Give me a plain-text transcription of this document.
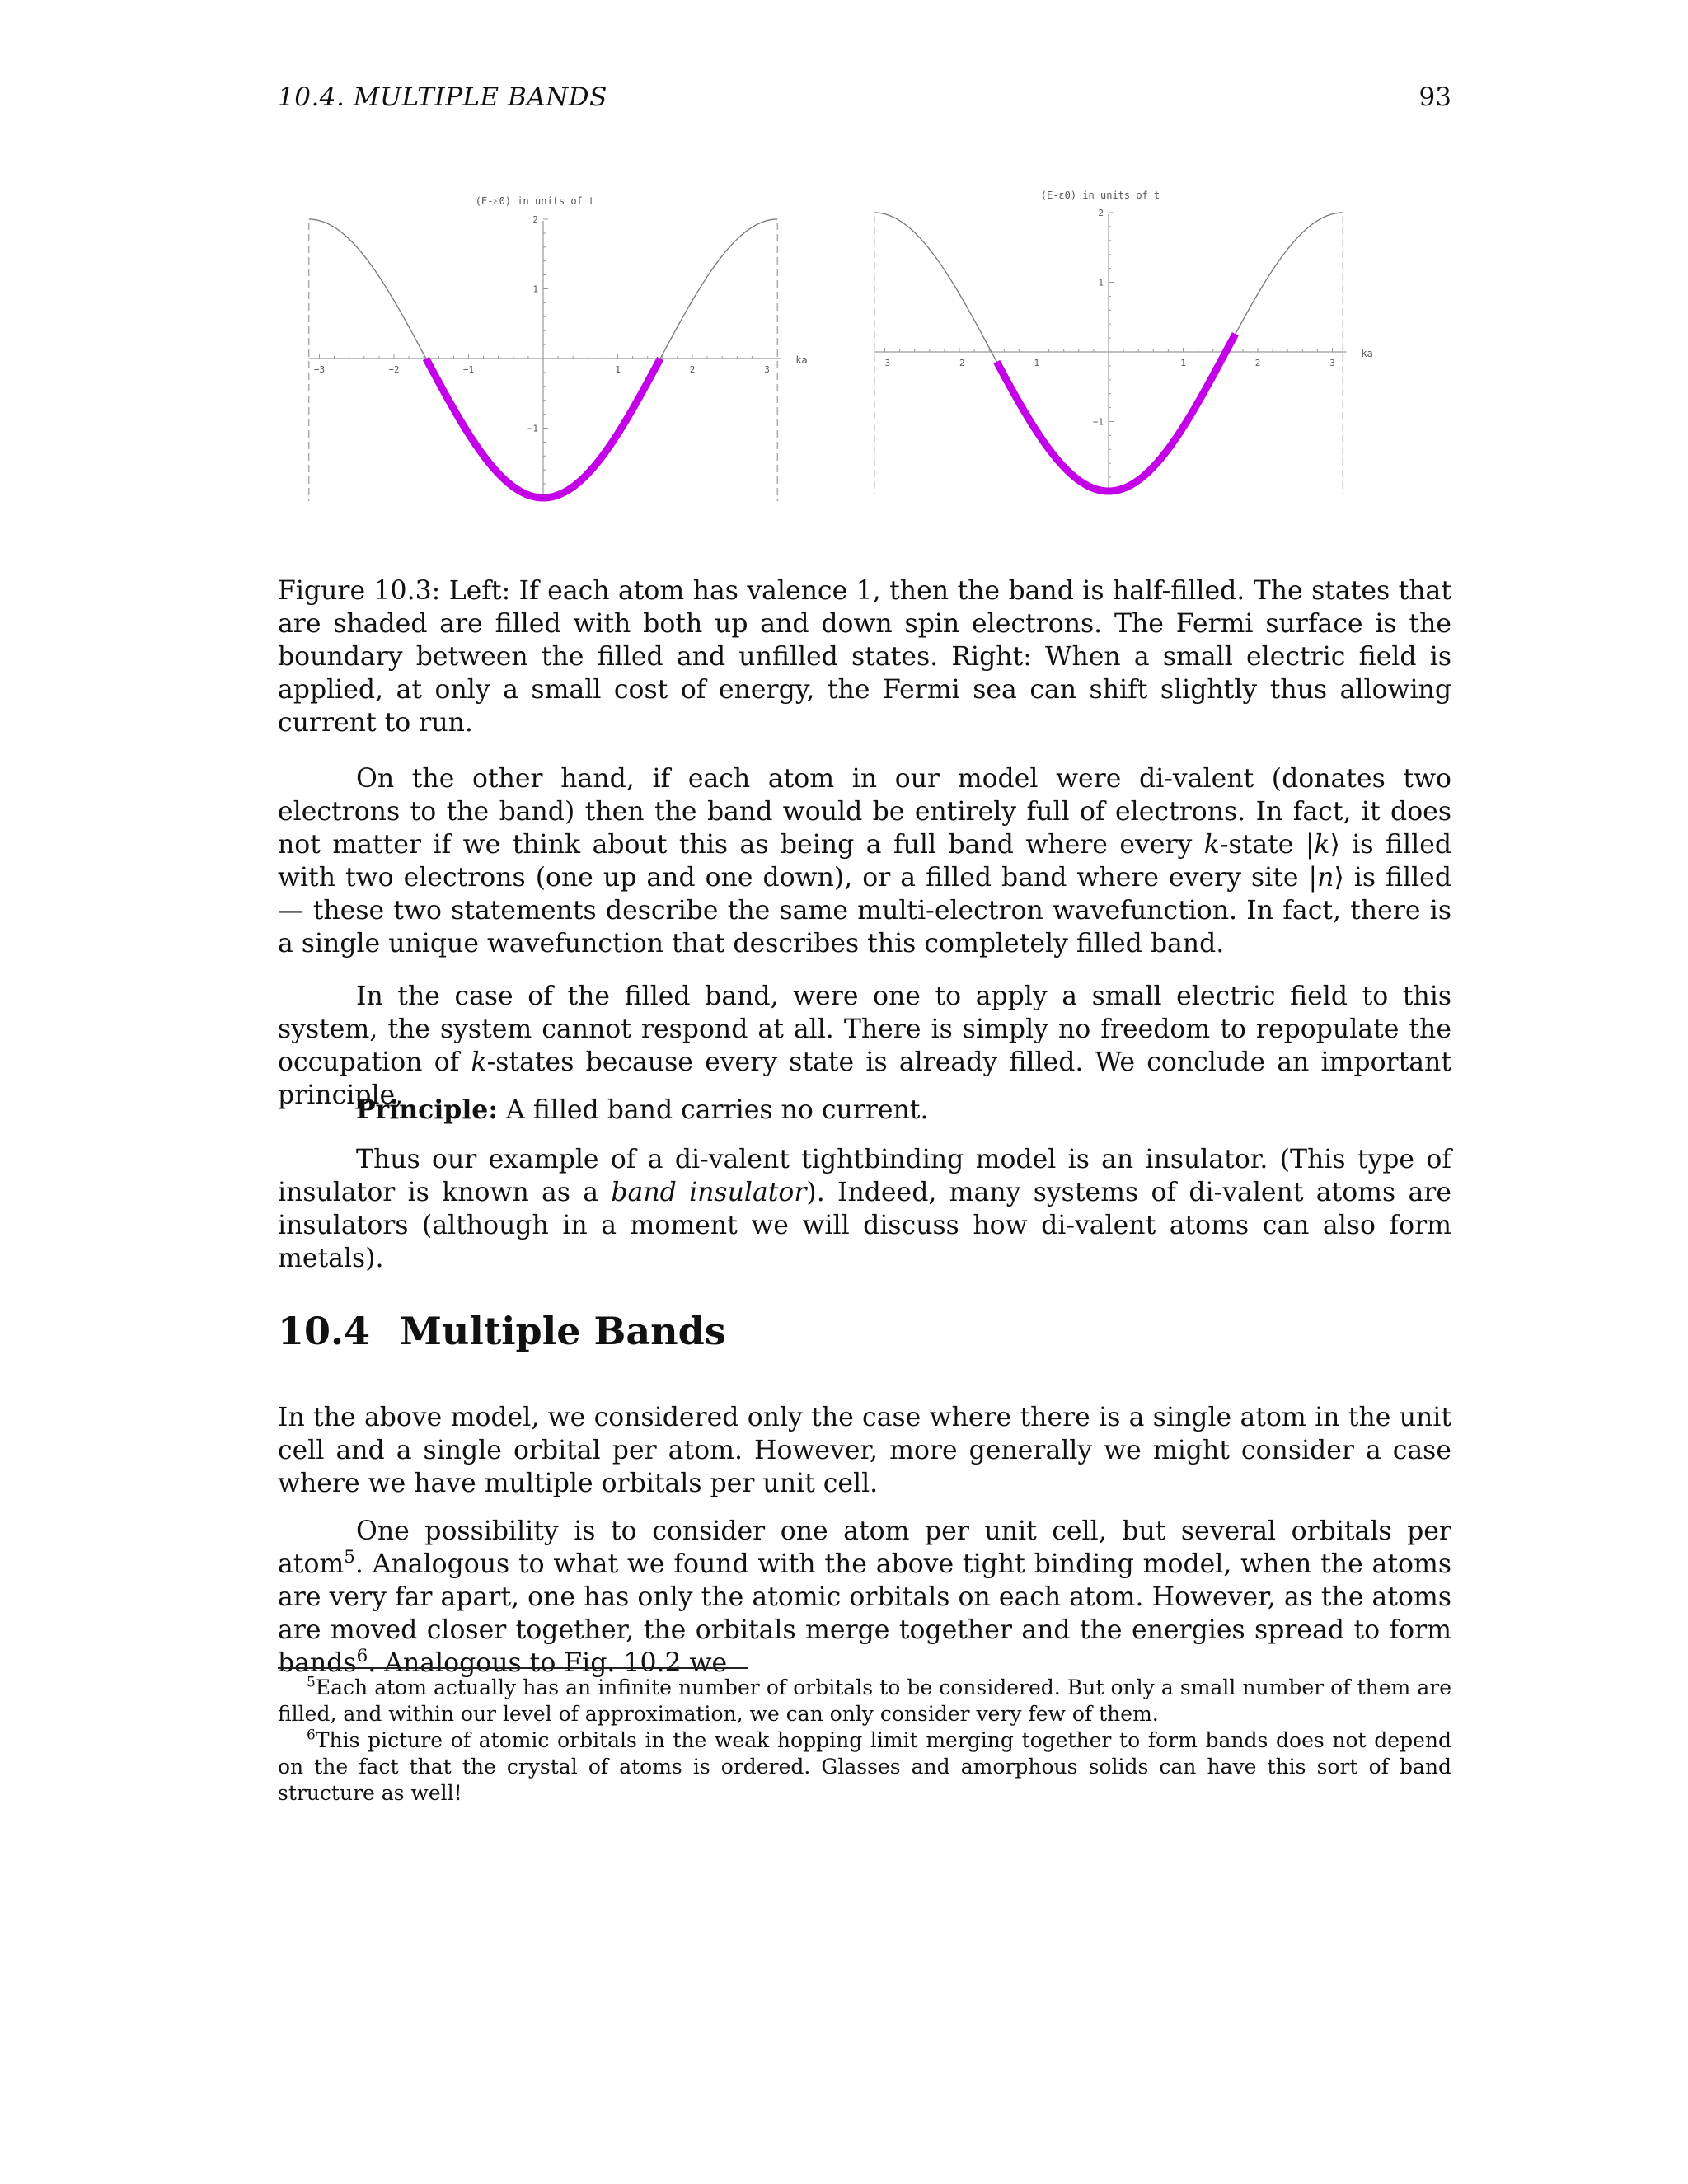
10.4. MULTIPLE BANDS	93
−3	−2	−1	1	2	3
−1
1
2
ka
(E-ε0) in units of t
−3	−2	−1	1	2	3
−1
1
2
ka
(E-ε0) in units of t

Figure 10.3: Left: If each atom has valence 1, then the band is half-filled. The states that are shaded are filled with both up and down spin electrons. The Fermi surface is the boundary between the filled and unfilled states. Right: When a small electric field is applied, at only a small cost of energy, the Fermi sea can shift slightly thus allowing current to run.

On the other hand, if each atom in our model were di-valent (donates two electrons to the band) then the band would be entirely full of electrons. In fact, it does not matter if we think about this as being a full band where every k-state |k⟩ is filled with two electrons (one up and one down), or a filled band where every site |n⟩ is filled — these two statements describe the same multi-electron wavefunction. In fact, there is a single unique wavefunction that describes this completely filled band.

In the case of the filled band, were one to apply a small electric field to this system, the system cannot respond at all. There is simply no freedom to repopulate the occupation of k-states because every state is already filled. We conclude an important principle,

Principle: A filled band carries no current.

Thus our example of a di-valent tightbinding model is an insulator. (This type of insulator is known as a band insulator). Indeed, many systems of di-valent atoms are insulators (although in a moment we will discuss how di-valent atoms can also form metals).

10.4 Multiple Bands

In the above model, we considered only the case where there is a single atom in the unit cell and a single orbital per atom. However, more generally we might consider a case where we have multiple orbitals per unit cell.

One possibility is to consider one atom per unit cell, but several orbitals per atom$^5$. Analogous to what we found with the above tight binding model, when the atoms are very far apart, one has only the atomic orbitals on each atom. However, as the atoms are moved closer together, the orbitals merge together and the energies spread to form bands$^6$. Analogous to Fig. 10.2 we

$^5$Each atom actually has an infinite number of orbitals to be considered. But only a small number of them are filled, and within our level of approximation, we can only consider very few of them.

$^6$This picture of atomic orbitals in the weak hopping limit merging together to form bands does not depend on the fact that the crystal of atoms is ordered. Glasses and amorphous solids can have this sort of band structure as well!
